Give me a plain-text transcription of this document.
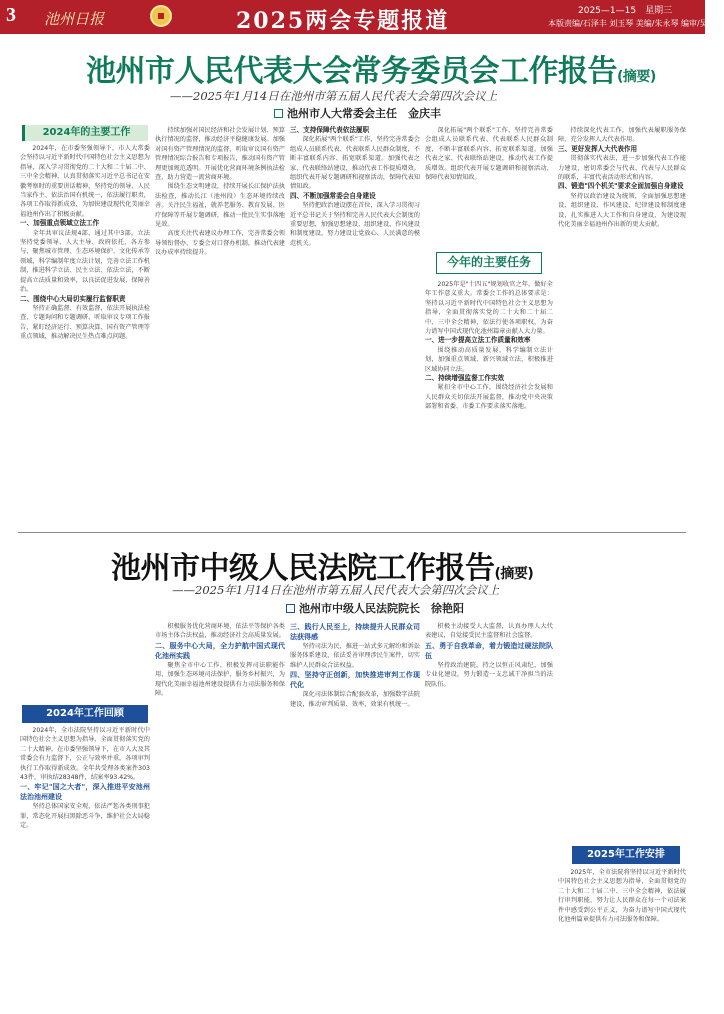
3 池州日报	2025两会专题报道	2025—1—15　星期三
本版责编/石泽丰 刘玉琴 美编/朱永琴 编审/吴兰红
池州市人民代表大会常务委员会工作报告(摘要)
——2025年1月14日在池州市第五届人民代表大会第四次会议上
池州市人大常委会主任　金庆丰
2024年的主要工作

2024年，在市委坚强领导下，市人大常委会坚持以习近平新时代中国特色社会主义思想为指导，深入学习贯彻党的二十大和二十届二中、三中全会精神，认真贯彻落实习近平总书记在安徽考察时的重要讲话精神，坚持党的领导、人民当家作主、依法治国有机统一，依法履行职责，各项工作取得新成效，为加快建设现代化美丽幸福池州作出了积极贡献。

一、加强重点领域立法工作

全年共审议法规4部，通过其中3部。立法坚持党委领导、人大主导、政府依托、各方参与，聚焦城市管理、生态环境保护、文化传承等领域，科学编制年度立法计划，完善立法工作机制，推进科学立法、民主立法、依法立法，不断提高立法质量和效率，以良法促进发展、保障善治。

二、围绕中心大局切实履行监督职责

坚持正确监督、有效监督，依法开展执法检查、专题询问和专题调研，听取审议专项工作报告，紧盯经济运行、预算决算、国有资产管理等重点领域，推动解决民生热点难点问题。

持续加强对国民经济和社会发展计划、预算执行情况的监督，推动经济平稳健康发展。加强对国有资产管理情况的监督，听取审议国有资产管理情况综合报告和专项报告，推动国有资产管理更加规范透明。开展优化营商环境条例执法检查，助力营造一流营商环境。

围绕生态文明建设，持续开展长江保护法执法检查，推动长江（池州段）生态环境持续改善。关注民生福祉，就养老服务、教育发展、医疗保障等开展专题调研，推动一批民生实事落地见效。

高度关注代表建议办理工作，完善常委会领导领衔督办、专委会对口督办机制，推动代表建议办成率持续提升。

三、支持保障代表依法履职

深化拓展"两个联系"工作，坚持完善常委会组成人员联系代表、代表联系人民群众制度，不断丰富联系内容、拓宽联系渠道。加强代表之家、代表联络站建设，推动代表工作提质增效。组织代表开展专题调研和视察活动，保障代表知情知政。

四、不断加强常委会自身建设

坚持把政治建设摆在首位，深入学习贯彻习近平总书记关于坚持和完善人民代表大会制度的重要思想，加强思想建设、组织建设、作风建设和制度建设，努力建设让党放心、人民满意的模范机关。

深化拓展"两个联系"工作，坚持完善常委会组成人员联系代表、代表联系人民群众制度，不断丰富联系内容、拓宽联系渠道。加强代表之家、代表联络站建设，推动代表工作提质增效。组织代表开展专题调研和视察活动，保障代表知情知政。

今年的主要任务

2025年是"十四五"规划收官之年，做好全年工作意义重大。常委会工作的总体要求是：坚持以习近平新时代中国特色社会主义思想为指导，全面贯彻落实党的二十大和二十届二中、三中全会精神，依法行使各项职权，为奋力谱写中国式现代化池州篇章贡献人大力量。

一、进一步提高立法工作质量和效率

围绕推动高质量发展，科学编制立法计划，加强重点领域、新兴领域立法，积极推进区域协同立法。

二、持续增强监督工作实效

紧扣全市中心工作，围绕经济社会发展和人民群众关切依法开展监督，推动党中央决策部署和省委、市委工作要求落实落地。

持续深化代表工作，加强代表履职服务保障，充分发挥人大代表作用。

三、更好发挥人大代表作用

贯彻落实代表法，进一步加强代表工作能力建设，密切常委会与代表、代表与人民群众的联系，丰富代表活动形式和内容。

四、锻造"四个机关"要求全面加强自身建设

坚持以政治建设为统领，全面加强思想建设、组织建设、作风建设、纪律建设和制度建设，扎实推进人大工作和自身建设，为建设现代化美丽幸福池州作出新的更大贡献。

池州市中级人民法院工作报告(摘要)
——2025年1月14日在池州市第五届人民代表大会第四次会议上
池州市中级人民法院院长　徐艳阳
2024年工作回顾

2024年，全市法院坚持以习近平新时代中国特色社会主义思想为指导，全面贯彻落实党的二十大精神，在市委坚强领导下，在市人大及其常委会有力监督下，公正与效率并重，各项审判执行工作取得新成效。全年共受理各类案件30343件，审执结28348件，结案率93.42%。

一、牢记"国之大者"，深入推进平安池州法治池州建设

坚持总体国家安全观，依法严惩各类刑事犯罪，常态化开展扫黑除恶斗争，维护社会大局稳定。

积极服务优化营商环境，依法平等保护各类市场主体合法权益，推动经济社会高质量发展。

二、服务中心大局，全力护航中国式现代化池州实践

聚焦全市中心工作，积极发挥司法职能作用，加强生态环境司法保护，服务乡村振兴，为现代化美丽幸福池州建设提供有力司法服务和保障。

三、践行人民至上，持续提升人民群众司法获得感

坚持司法为民，推进一站式多元解纷和诉讼服务体系建设，依法妥善审理涉民生案件，切实维护人民群众合法权益。

四、坚持守正创新，加快推进审判工作现代化

深化司法体制综合配套改革，加强数字法院建设，推动审判质量、效率、效果有机统一。

积极主动接受人大监督，认真办理人大代表建议，自觉接受民主监督和社会监督。

五、勇于自我革命，着力锻造过硬法院队伍

坚持政治建院，持之以恒正风肃纪，加强专业化建设，努力锻造一支忠诚干净担当的法院队伍。

2025年工作安排

2025年，全市法院将坚持以习近平新时代中国特色社会主义思想为指导，全面贯彻党的二十大和二十届二中、三中全会精神，依法履行审判职能，努力让人民群众在每一个司法案件中感受到公平正义，为奋力谱写中国式现代化池州篇章提供有力司法服务和保障。
